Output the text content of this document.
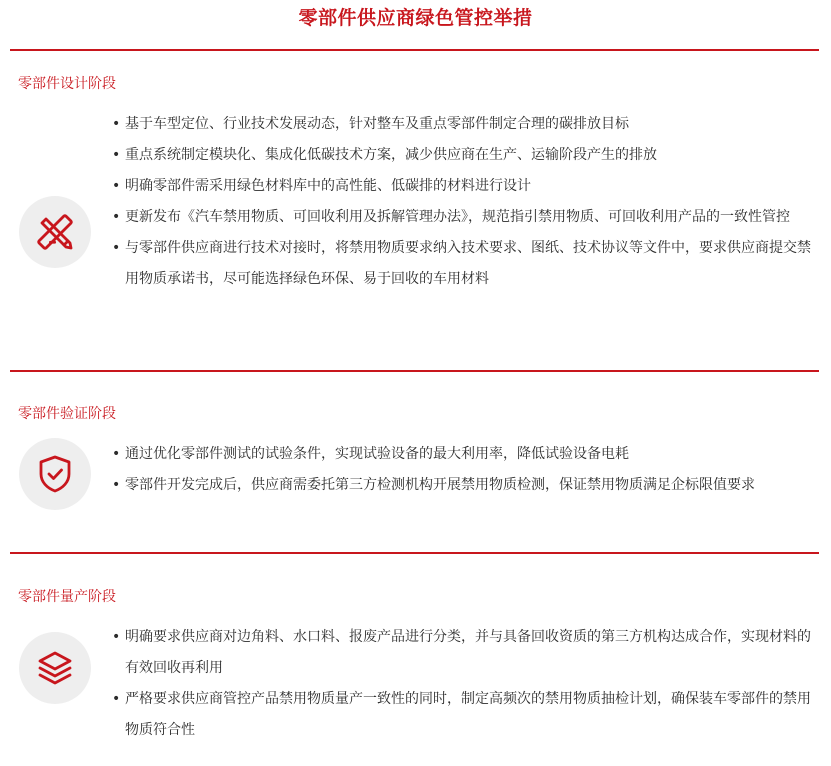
零部件供应商绿色管控举措
零部件设计阶段
• 基于车型定位、行业技术发展动态，针对整车及重点零部件制定合理的碳排放目标
• 重点系统制定模块化、集成化低碳技术方案，减少供应商在生产、运输阶段产生的排放
• 明确零部件需采用绿色材料库中的高性能、低碳排的材料进行设计
• 更新发布《汽车禁用物质、可回收利用及拆解管理办法》，规范指引禁用物质、可回收利用产品的一致性管控
• 与零部件供应商进行技术对接时，将禁用物质要求纳入技术要求、图纸、技术协议等文件中，要求供应商提交禁用物质承诺书，尽可能选择绿色环保、易于回收的车用材料
零部件验证阶段
• 通过优化零部件测试的试验条件，实现试验设备的最大利用率，降低试验设备电耗
• 零部件开发完成后，供应商需委托第三方检测机构开展禁用物质检测，保证禁用物质满足企标限值要求
零部件量产阶段
• 明确要求供应商对边角料、水口料、报废产品进行分类，并与具备回收资质的第三方机构达成合作，实现材料的有效回收再利用
• 严格要求供应商管控产品禁用物质量产一致性的同时，制定高频次的禁用物质抽检计划，确保装车零部件的禁用物质符合性
